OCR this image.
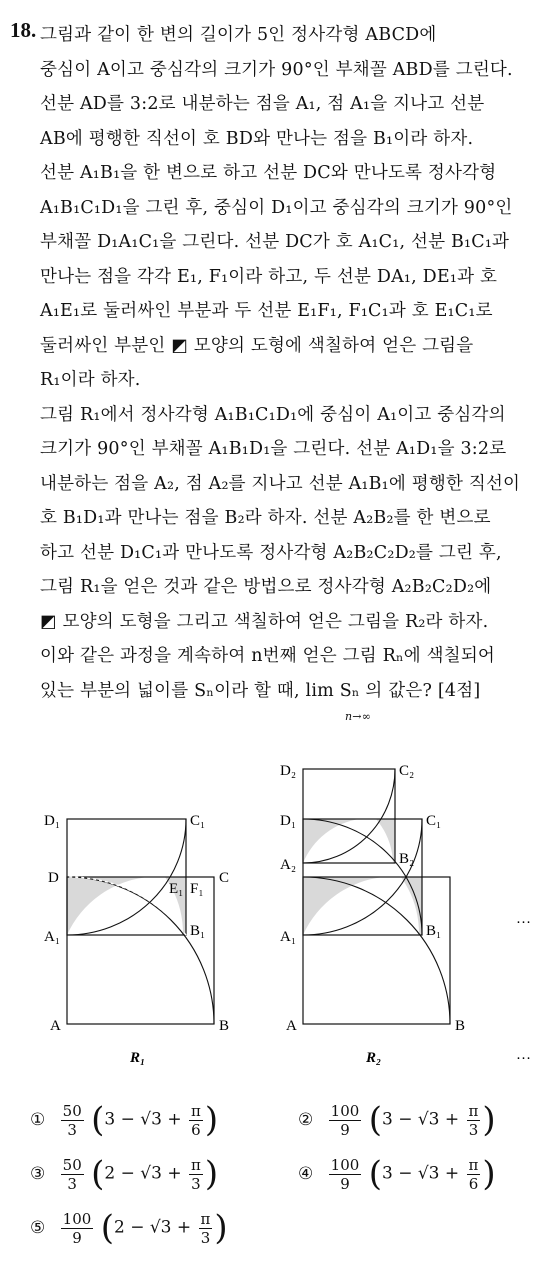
18. 그림과 같이 한 변의 길이가 5인 정사각형 ABCD에
중심이 A이고 중심각의 크기가 90°인 부채꼴 ABD를 그린다.
선분 AD를 3:2로 내분하는 점을 A₁, 점 A₁을 지나고 선분
AB에 평행한 직선이 호 BD와 만나는 점을 B₁이라 하자.
선분 A₁B₁을 한 변으로 하고 선분 DC와 만나도록 정사각형
A₁B₁C₁D₁을 그린 후, 중심이 D₁이고 중심각의 크기가 90°인
부채꼴 D₁A₁C₁을 그린다. 선분 DC가 호 A₁C₁, 선분 B₁C₁과
만나는 점을 각각 E₁, F₁이라 하고, 두 선분 DA₁, DE₁과 호
A₁E₁로 둘러싸인 부분과 두 선분 E₁F₁, F₁C₁과 호 E₁C₁로
둘러싸인 부분인 ◩ 모양의 도형에 색칠하여 얻은 그림을
R₁이라 하자.
그림 R₁에서 정사각형 A₁B₁C₁D₁에 중심이 A₁이고 중심각의
크기가 90°인 부채꼴 A₁B₁D₁을 그린다. 선분 A₁D₁을 3:2로
내분하는 점을 A₂, 점 A₂를 지나고 선분 A₁B₁에 평행한 직선이
호 B₁D₁과 만나는 점을 B₂라 하자. 선분 A₂B₂를 한 변으로
하고 선분 D₁C₁과 만나도록 정사각형 A₂B₂C₂D₂를 그린 후,
그림 R₁을 얻은 것과 같은 방법으로 정사각형 A₂B₂C₂D₂에
◩ 모양의 도형을 그리고 색칠하여 얻은 그림을 R₂라 하자.
이와 같은 과정을 계속하여 n번째 얻은 그림 Rₙ에 색칠되어
있는 부분의 넓이를 Sₙ이라 할 때, lim Sₙ 의 값은? [4점]
n→∞
D₁	C₁
D
E₁ F₁
C
A₁	B₁
A	B
R₁
D₂	C₂
D₁	C₁
A₂	B₂
A₁	B₁
A	B
R₂
…
…
① $\frac{50}{3} (3 - √3 + \frac{\pi}{6}$ )	② $\frac{100}{9} (3 - √3 + \frac{\pi}{3}$ )
③ $\frac{50}{3} (2 - √3 + \frac{\pi}{3}$ )	④ $\frac{100}{9} (3 - √3 + \frac{\pi}{6}$ )
⑤ $\frac{100}{9} (2 - √3 + \frac{\pi}{3}$ )
